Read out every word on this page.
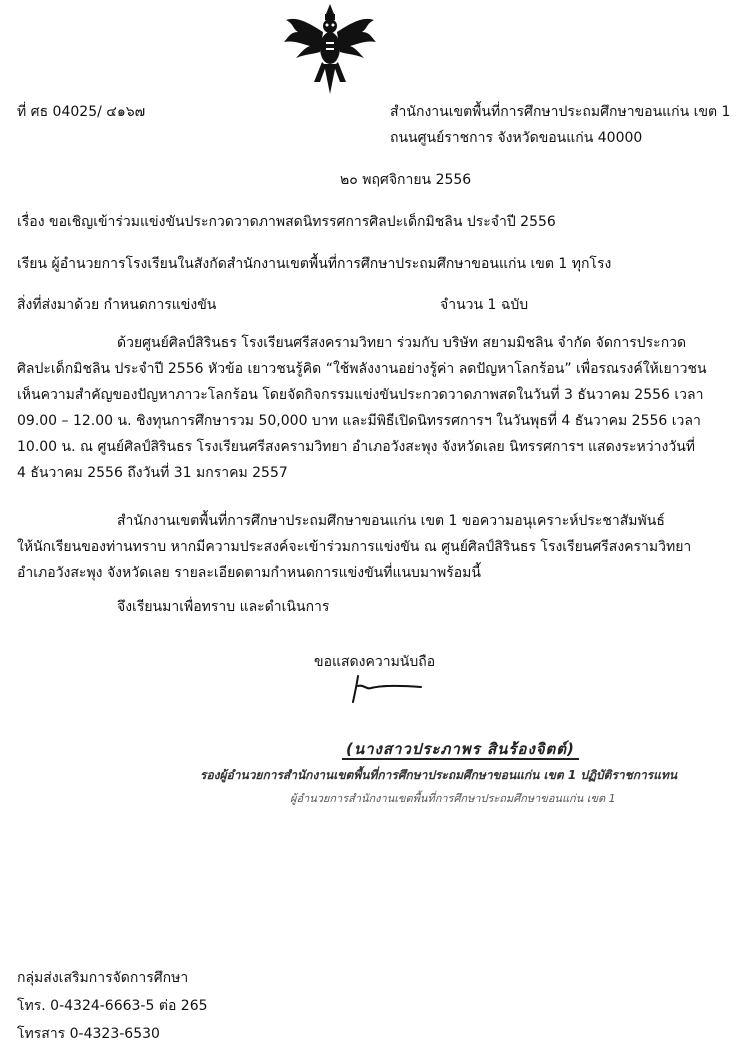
ที่ ศธ 04025/ ๔๑๖๗	สำนักงานเขตพื้นที่การศึกษาประถมศึกษาขอนแก่น เขต 1
ถนนศูนย์ราชการ จังหวัดขอนแก่น 40000
๒๐ พฤศจิกายน 2556
เรื่อง ขอเชิญเข้าร่วมแข่งขันประกวดวาดภาพสดนิทรรศการศิลปะเด็กมิชลิน ประจำปี 2556
เรียน ผู้อำนวยการโรงเรียนในสังกัดสำนักงานเขตพื้นที่การศึกษาประถมศึกษาขอนแก่น เขต 1 ทุกโรง
สิ่งที่ส่งมาด้วย กำหนดการแข่งขัน	จำนวน 1 ฉบับ
ด้วยศูนย์ศิลป์สิรินธร โรงเรียนศรีสงครามวิทยา ร่วมกับ บริษัท สยามมิชลิน จำกัด จัดการประกวด
ศิลปะเด็กมิชลิน ประจำปี 2556 หัวข้อ เยาวชนรู้คิด “ใช้พลังงานอย่างรู้ค่า ลดปัญหาโลกร้อน” เพื่อรณรงค์ให้เยาวชน
เห็นความสำคัญของปัญหาภาวะโลกร้อน โดยจัดกิจกรรมแข่งขันประกวดวาดภาพสดในวันที่ 3 ธันวาคม 2556 เวลา
09.00 – 12.00 น. ชิงทุนการศึกษารวม 50,000 บาท และมีพิธีเปิดนิทรรศการฯ ในวันพุธที่ 4 ธันวาคม 2556 เวลา
10.00 น. ณ ศูนย์ศิลป์สิรินธร โรงเรียนศรีสงครามวิทยา อำเภอวังสะพุง จังหวัดเลย นิทรรศการฯ แสดงระหว่างวันที่
4 ธันวาคม 2556 ถึงวันที่ 31 มกราคม 2557
สำนักงานเขตพื้นที่การศึกษาประถมศึกษาขอนแก่น เขต 1 ขอความอนุเคราะห์ประชาสัมพันธ์
ให้นักเรียนของท่านทราบ หากมีความประสงค์จะเข้าร่วมการแข่งขัน ณ ศูนย์ศิลป์สิรินธร โรงเรียนศรีสงครามวิทยา
อำเภอวังสะพุง จังหวัดเลย รายละเอียดตามกำหนดการแข่งขันที่แนบมาพร้อมนี้
จึงเรียนมาเพื่อทราบ และดำเนินการ
ขอแสดงความนับถือ
(นางสาวประภาพร สินร้องจิตต์)
รองผู้อำนวยการสำนักงานเขตพื้นที่การศึกษาประถมศึกษาขอนแก่น เขต 1 ปฏิบัติราชการแทน
ผู้อำนวยการสำนักงานเขตพื้นที่การศึกษาประถมศึกษาขอนแก่น เขต 1
กลุ่มส่งเสริมการจัดการศึกษา
โทร. 0-4324-6663-5 ต่อ 265
โทรสาร 0-4323-6530
